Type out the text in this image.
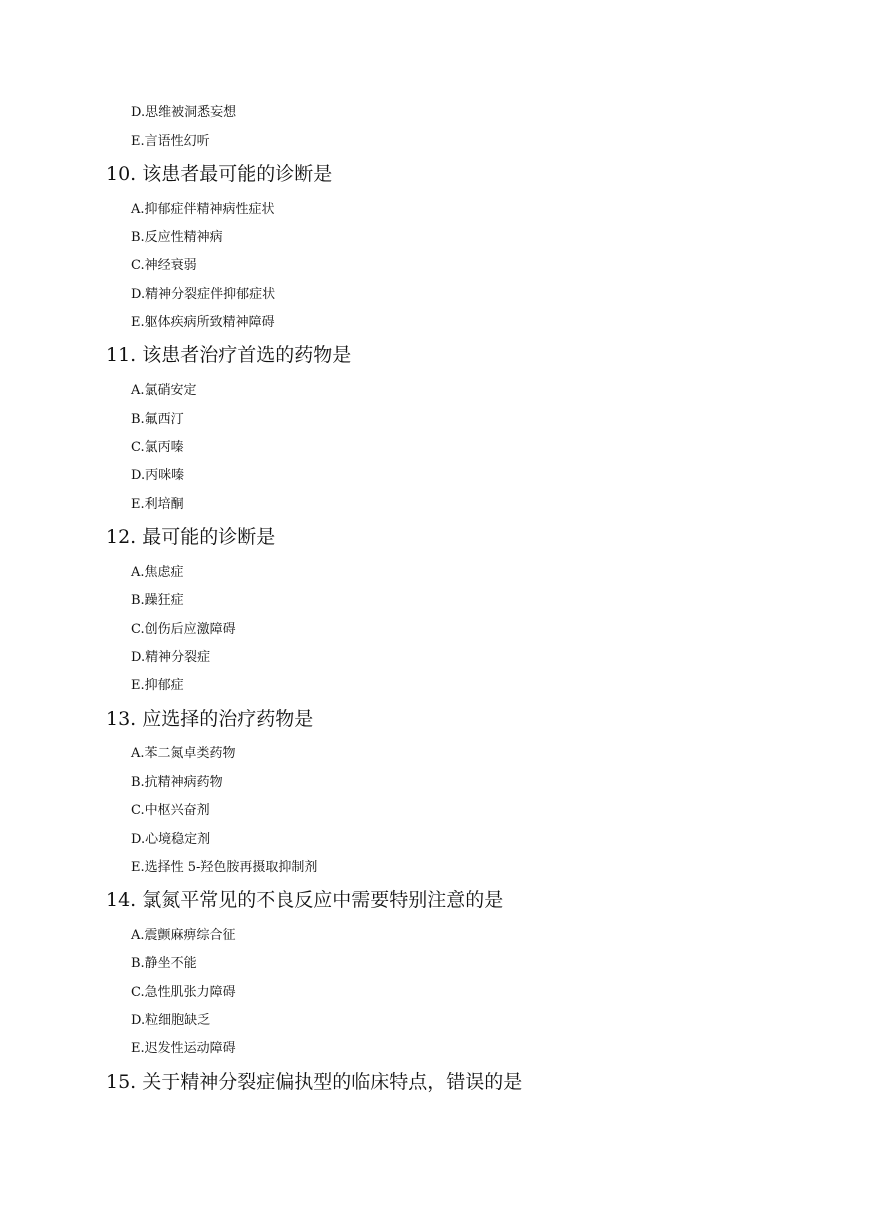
D.思维被洞悉妄想
E.言语性幻听
10. 该患者最可能的诊断是
A.抑郁症伴精神病性症状
B.反应性精神病
C.神经衰弱
D.精神分裂症伴抑郁症状
E.躯体疾病所致精神障碍
11. 该患者治疗首选的药物是
A.氯硝安定
B.氟西汀
C.氯丙嗪
D.丙咪嗪
E.利培酮
12. 最可能的诊断是
A.焦虑症
B.躁狂症
C.创伤后应激障碍
D.精神分裂症
E.抑郁症
13. 应选择的治疗药物是
A.苯二氮卓类药物
B.抗精神病药物
C.中枢兴奋剂
D.心境稳定剂
E.选择性 5-羟色胺再摄取抑制剂
14. 氯氮平常见的不良反应中需要特别注意的是
A.震颤麻痹综合征
B.静坐不能
C.急性肌张力障碍
D.粒细胞缺乏
E.迟发性运动障碍
15. 关于精神分裂症偏执型的临床特点，错误的是
